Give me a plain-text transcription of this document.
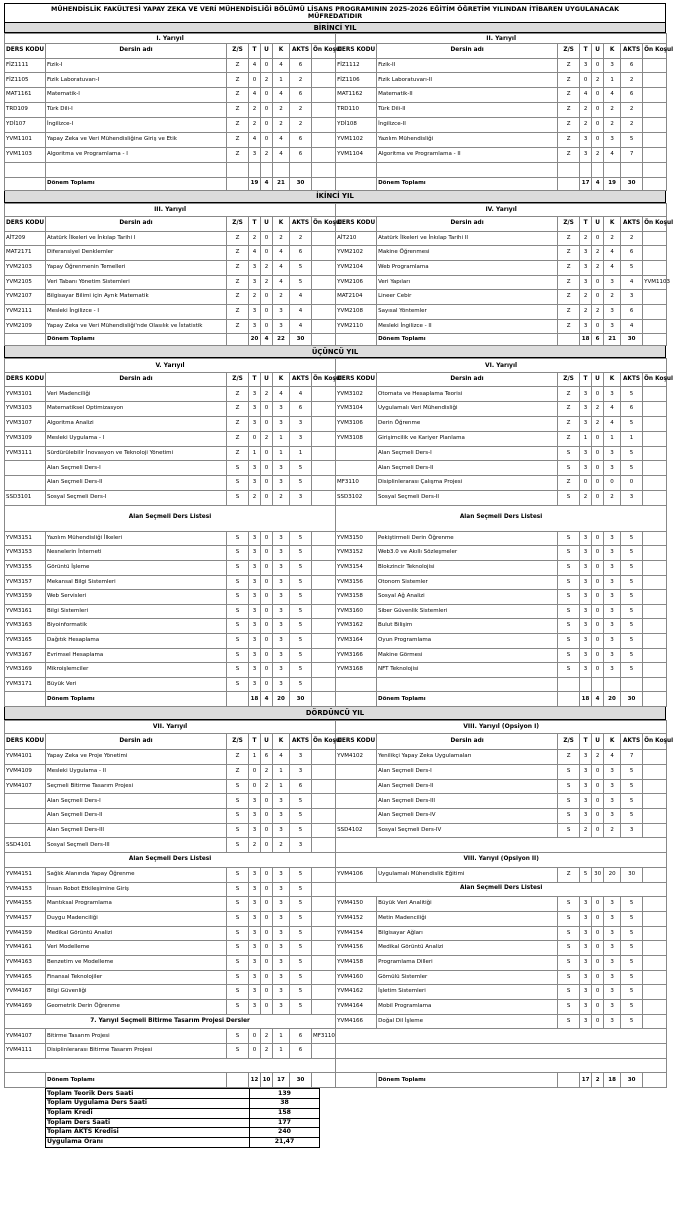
MÜHENDİSLİK FAKÜLTESİ YAPAY ZEKA VE VERİ MÜHENDİSLİĞİ BÖLÜMÜ LİSANS PROGRAMININ 2025-2026 EĞİTİM ÖĞRETİM YILINDAN İTİBAREN UYGULANACAK MÜFREDATIDIR
BİRİNCİ YIL
I. Yarıyıl								II. Yarıyıl							
DERS KODU	Dersin adı	Z/S	T	U	K	AKTS	Ön Koşul	DERS KODU	Dersin adı	Z/S	T	U	K	AKTS	Ön Koşul
FİZ1111	Fizik-I	Z	4	0	4	6		FİZ1112	Fizik-II	Z	3	0	3	6	
FİZ1105	Fizik Laboratuvarı-I	Z	0	2	1	2		FİZ1106	Fizik Laboratuvarı-II	Z	0	2	1	2	
MAT1161	Matematik-I	Z	4	0	4	6		MAT1162	Matematik-II	Z	4	0	4	6	
TRD109	Türk Dili-I	Z	2	0	2	2		TRD110	Türk Dili-II	Z	2	0	2	2	
YDİ107	İngilizce-I	Z	2	0	2	2		YDİ108	İngilizce-II	Z	2	0	2	2	
YVM1101	Yapay Zeka ve Veri Mühendisliğine Giriş ve Etik	Z	4	0	4	6		YVM1102	Yazılım Mühendisliği	Z	3	0	3	5	
YVM1103	Algoritma ve Programlama - I	Z	3	2	4	6		YVM1104	Algoritma ve Programlama - II	Z	3	2	4	7	

	Dönem Toplamı		19	4	21	30			Dönem Toplamı		17	4	19	30	
İKİNCİ YIL
III. Yarıyıl								IV. Yarıyıl							
DERS KODU	Dersin adı	Z/S	T	U	K	AKTS	Ön Koşul	DERS KODU	Dersin adı	Z/S	T	U	K	AKTS	Ön Koşul
AİT209	Atatürk İlkeleri ve İnkılap Tarihi I	Z	2	0	2	2		AİT210	Atatürk İlkeleri ve İnkılap Tarihi II	Z	2	0	2	2	
MAT2171	Diferansiyel Denklemler	Z	4	0	4	6		YVM2102	Makine Öğrenmesi	Z	3	2	4	6	
YVM2103	Yapay Öğrenmenin Temelleri	Z	3	2	4	5		YVM2104	Web Programlama	Z	3	2	4	5	
YVM2105	Veri Tabanı Yönetim Sistemleri	Z	3	2	4	5		YVM2106	Veri Yapıları	Z	3	0	3	4	YVM1103
YVM2107	Bilgisayar Bilimi için Ayrık Matematik	Z	2	0	2	4		MAT2104	Lineer Cebir	Z	2	0	2	3	
YVM2111	Mesleki İngilizce - I	Z	3	0	3	4		YVM2108	Sayısal Yöntemler	Z	2	2	3	6	
YVM2109	Yapay Zeka ve Veri Mühendisliği'nde Olasılık ve İstatistik	Z	3	0	3	4		YVM2110	Mesleki İngilizce - II	Z	3	0	3	4	
	Dönem Toplamı		20	4	22	30			Dönem Toplamı		18	6	21	30	
ÜÇÜNCÜ YIL
V. Yarıyıl								VI. Yarıyıl							
DERS KODU	Dersin adı	Z/S	T	U	K	AKTS	Ön Koşul	DERS KODU	Dersin adı	Z/S	T	U	K	AKTS	Ön Koşul
YVM3101	Veri Madenciliği	Z	3	2	4	4		YVM3102	Otomata ve Hesaplama Teorisi	Z	3	0	3	5	
YVM3103	Matematiksel Optimizasyon	Z	3	0	3	6		YVM3104	Uygulamalı Veri Mühendisliği	Z	3	2	4	6	
YVM3107	Algoritma Analizi	Z	3	0	3	3		YVM3106	Derin Öğrenme	Z	3	2	4	5	
YVM3109	Mesleki Uygulama - I	Z	0	2	1	3		YVM3108	Girişimcilik ve Kariyer Planlama	Z	1	0	1	1	
YVM3111	Sürdürülebilir İnovasyon ve Teknoloji Yönetimi	Z	1	0	1	1			Alan Seçmeli Ders-I	S	3	0	3	5	
	Alan Seçmeli Ders-I	S	3	0	3	5			Alan Seçmeli Ders-II	S	3	0	3	5	
	Alan Seçmeli Ders-II	S	3	0	3	5		MF3110	Disiplinlerarası Çalışma Projesi	Z	0	0	0	0	
SSD3101	Sosyal Seçmeli Ders-I	S	2	0	2	3		SSD3102	Sosyal Seçmeli Ders-II	S	2	0	2	3	
Alan Seçmeli Ders Listesi								Alan Seçmeli Ders Listesi							
YVM3151	Yazılım Mühendisliği İlkeleri	S	3	0	3	5		YVM3150	Pekiştirmeli Derin Öğrenme	S	3	0	3	5	
YVM3153	Nesnelerin İnterneti	S	3	0	3	5		YVM3152	Web3.0 ve Akıllı Sözleşmeler	S	3	0	3	5	
YVM3155	Görüntü İşleme	S	3	0	3	5		YVM3154	Blokzincir Teknolojisi	S	3	0	3	5	
YVM3157	Mekansal Bilgi Sistemleri	S	3	0	3	5		YVM3156	Otonom Sistemler	S	3	0	3	5	
YVM3159	Web Servisleri	S	3	0	3	5		YVM3158	Sosyal Ağ Analizi	S	3	0	3	5	
YVM3161	Bilgi Sistemleri	S	3	0	3	5		YVM3160	Siber Güvenlik Sistemleri	S	3	0	3	5	
YVM3163	Biyoinformatik	S	3	0	3	5		YVM3162	Bulut Bilişim	S	3	0	3	5	
YVM3165	Dağıtık Hesaplama	S	3	0	3	5		YVM3164	Oyun Programlama	S	3	0	3	5	
YVM3167	Evrimsel Hesaplama	S	3	0	3	5		YVM3166	Makine Görmesi	S	3	0	3	5	
YVM3169	Mikroişlemciler	S	3	0	3	5		YVM3168	NFT Teknolojisi	S	3	0	3	5	
YVM3171	Büyük Veri	S	3	0	3	5									
	Dönem Toplamı		18	4	20	30			Dönem Toplamı		18	4	20	30	
DÖRDÜNCÜ YIL
VII. Yarıyıl								VIII. Yarıyıl (Opsiyon I)							
DERS KODU	Dersin adı	Z/S	T	U	K	AKTS	Ön Koşul	DERS KODU	Dersin adı	Z/S	T	U	K	AKTS	Ön Koşul
YVM4101	Yapay Zeka ve Proje Yönetimi	Z	1	6	4	3		YVM4102	Yenilikçi Yapay Zeka Uygulamaları	Z	3	2	4	7	
YVM4109	Mesleki Uygulama - II	Z	0	2	1	3			Alan Seçmeli Ders-I	S	3	0	3	5	
YVM4107	Seçmeli Bitirme Tasarım Projesi	S	0	2	1	6			Alan Seçmeli Ders-II	S	3	0	3	5	
	Alan Seçmeli Ders-I	S	3	0	3	5			Alan Seçmeli Ders-III	S	3	0	3	5	
	Alan Seçmeli Ders-II	S	3	0	3	5			Alan Seçmeli Ders-IV	S	3	0	3	5	
	Alan Seçmeli Ders-III	S	3	0	3	5		SSD4102	Sosyal Seçmeli Ders-IV	S	2	0	2	3	
SSD4101	Sosyal Seçmeli Ders-III	S	2	0	2	3									
Alan Seçmeli Ders Listesi								VIII. Yarıyıl (Opsiyon II)							
YVM4151	Sağlık Alanında Yapay Öğrenme	S	3	0	3	5		YVM4106	Uygulamalı Mühendislik Eğitimi	Z	5	30	20	30	
YVM4153	İnsan Robot Etkileşimine Giriş	S	3	0	3	5		Alan Seçmeli Ders Listesi							
YVM4155	Mantıksal Programlama	S	3	0	3	5		YVM4150	Büyük Veri Analitiği	S	3	0	3	5	
YVM4157	Duygu Madenciliği	S	3	0	3	5		YVM4152	Metin Madenciliği	S	3	0	3	5	
YVM4159	Medikal Görüntü Analizi	S	3	0	3	5		YVM4154	Bilgisayar Ağları	S	3	0	3	5	
YVM4161	Veri Modelleme	S	3	0	3	5		YVM4156	Medikal Görüntü Analizi	S	3	0	3	5	
YVM4163	Benzetim ve Modelleme	S	3	0	3	5		YVM4158	Programlama Dilleri	S	3	0	3	5	
YVM4165	Finansal Teknolojiler	S	3	0	3	5		YVM4160	Gömülü Sistemler	S	3	0	3	5	
YVM4167	Bilgi Güvenliği	S	3	0	3	5		YVM4162	İşletim Sistemleri	S	3	0	3	5	
YVM4169	Geometrik Derin Öğrenme	S	3	0	3	5		YVM4164	Mobil Programlama	S	3	0	3	5	
7. Yarıyıl Seçmeli Bitirme Tasarım Projesi Dersler								YVM4166	Doğal Dil İşleme	S	3	0	3	5	
YVM4107	Bitirme Tasarım Projesi	S	0	2	1	6	MF3110								
YVM4111	Disiplinlerarası Bitirme Tasarım Projesi	S	0	2	1	6									

	Dönem Toplamı		12	10	17	30			Dönem Toplamı		17	2	18	30	
Toplam Teorik Ders Saati	139
Toplam Uygulama Ders Saati	38
Toplam Kredi	158
Toplam Ders Saati	177
Toplam AKTS Kredisi	240
Uygulama Oranı	21,47
